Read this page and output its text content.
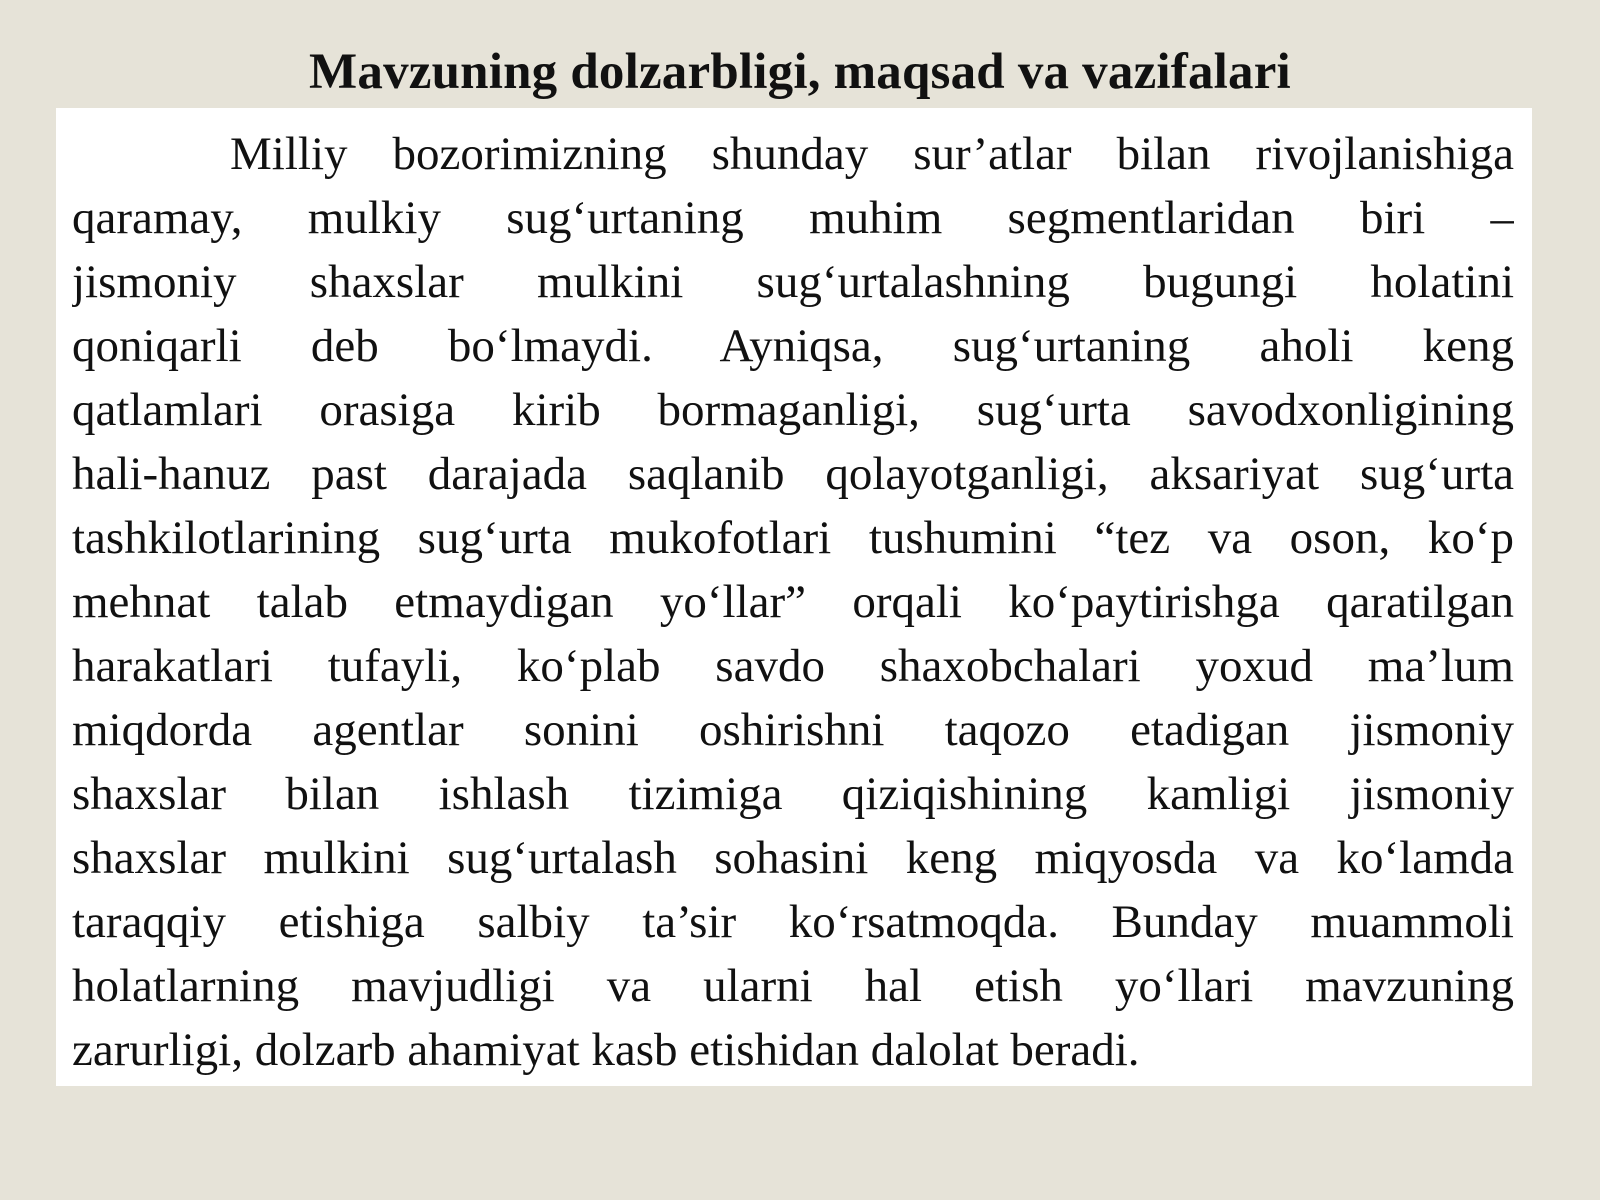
Mavzuning dolzarbligi, maqsad va vazifalari

Milliy bozorimizning shunday sur’atlar bilan rivojlanishiga
qaramay, mulkiy sug‘urtaning muhim segmentlaridan biri –
jismoniy shaxslar mulkini sug‘urtalashning bugungi holatini
qoniqarli deb bo‘lmaydi. Ayniqsa, sug‘urtaning aholi keng
qatlamlari orasiga kirib bormaganligi, sug‘urta savodxonligining
hali-hanuz past darajada saqlanib qolayotganligi, aksariyat sug‘urta
tashkilotlarining sug‘urta mukofotlari tushumini “tez va oson, ko‘p
mehnat talab etmaydigan yo‘llar” orqali ko‘paytirishga qaratilgan
harakatlari tufayli, ko‘plab savdo shaxobchalari yoxud ma’lum
miqdorda agentlar sonini oshirishni taqozo etadigan jismoniy
shaxslar bilan ishlash tizimiga qiziqishining kamligi jismoniy
shaxslar mulkini sug‘urtalash sohasini keng miqyosda va ko‘lamda
taraqqiy etishiga salbiy ta’sir ko‘rsatmoqda. Bunday muammoli
holatlarning mavjudligi va ularni hal etish yo‘llari mavzuning
zarurligi, dolzarb ahamiyat kasb etishidan dalolat beradi.
